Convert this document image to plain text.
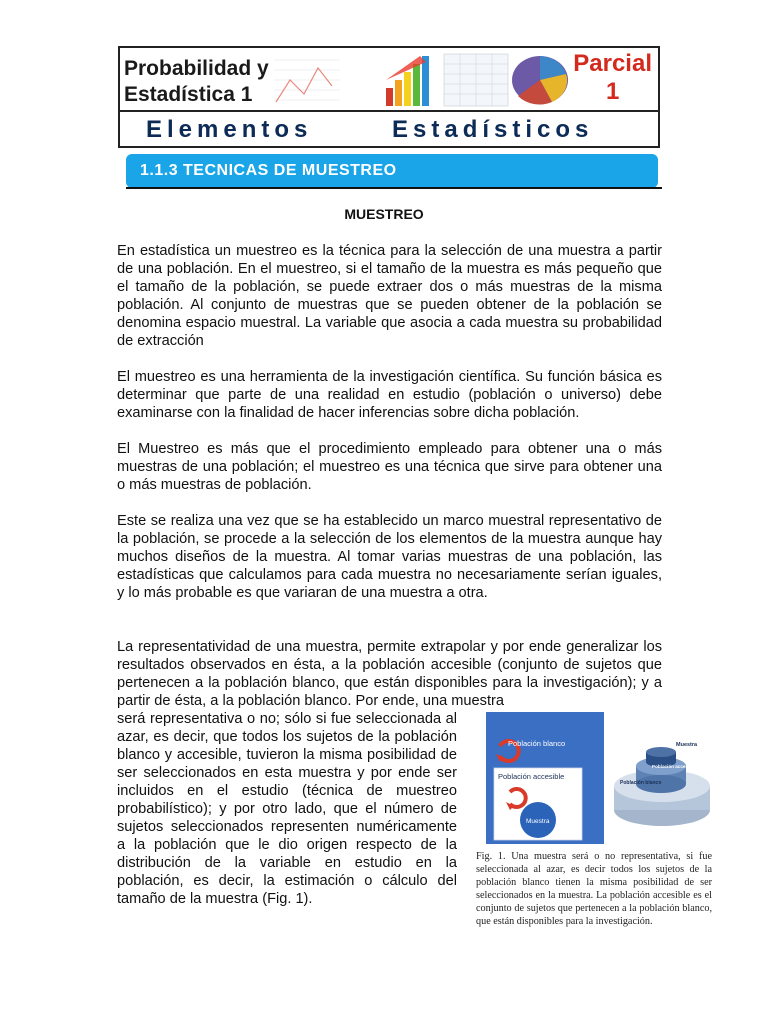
Probabilidad y
Estadística 1
Parcial
1
Elementos	Estadísticos
1.1.3 TECNICAS DE MUESTREO
MUESTREO

En estadística un muestreo es la técnica para la selección de una muestra a partir de una población. En el muestreo, si el tamaño de la muestra es más pequeño que el tamaño de la población, se puede extraer dos o más muestras de la misma población. Al conjunto de muestras que se pueden obtener de la población se denomina espacio muestral. La variable que asocia a cada muestra su probabilidad de extracción

El muestreo es una herramienta de la investigación científica. Su función básica es determinar que parte de una realidad en estudio (población o universo) debe examinarse con la finalidad de hacer inferencias sobre dicha población.

El Muestreo es más que el procedimiento empleado para obtener una o más muestras de una población; el muestreo es una técnica que sirve para obtener una o más muestras de población.

Este se realiza una vez que se ha establecido un marco muestral representativo de la población, se procede a la selección de los elementos de la muestra aunque hay muchos diseños de la muestra. Al tomar varias muestras de una población, las estadísticas que calculamos para cada muestra no necesariamente serían iguales, y lo más probable es que variaran de una muestra a otra.

La representatividad de una muestra, permite extrapolar y por ende generalizar los resultados observados en ésta, a la población accesible (conjunto de sujetos que pertenecen a la población blanco, que están disponibles para la investigación); y a partir de ésta, a la población blanco. Por ende, una muestra

será representativa o no; sólo si fue seleccionada al azar, es decir, que todos los sujetos de la población blanco y accesible, tuvieron la misma posibilidad de ser seleccionados en esta muestra y por ende ser incluidos en el estudio (técnica de muestreo probabilístico); y por otro lado, que el número de sujetos seleccionados representen numéricamente a la población que le dio origen respecto de la distribución de la variable en estudio en la población, es decir, la estimación o cálculo del tamaño de la muestra (Fig. 1).

Población blanco
Población accesible
Muestra
Muestra
Población accesible
Población blanco

Fig. 1. Una muestra será o no representativa, si fue seleccionada al azar, es decir todos los sujetos de la población blanco tienen la misma posibilidad de ser seleccionados en la muestra. La población accesible es el conjunto de sujetos que pertenecen a la población blanco, que están disponibles para la investigación.
